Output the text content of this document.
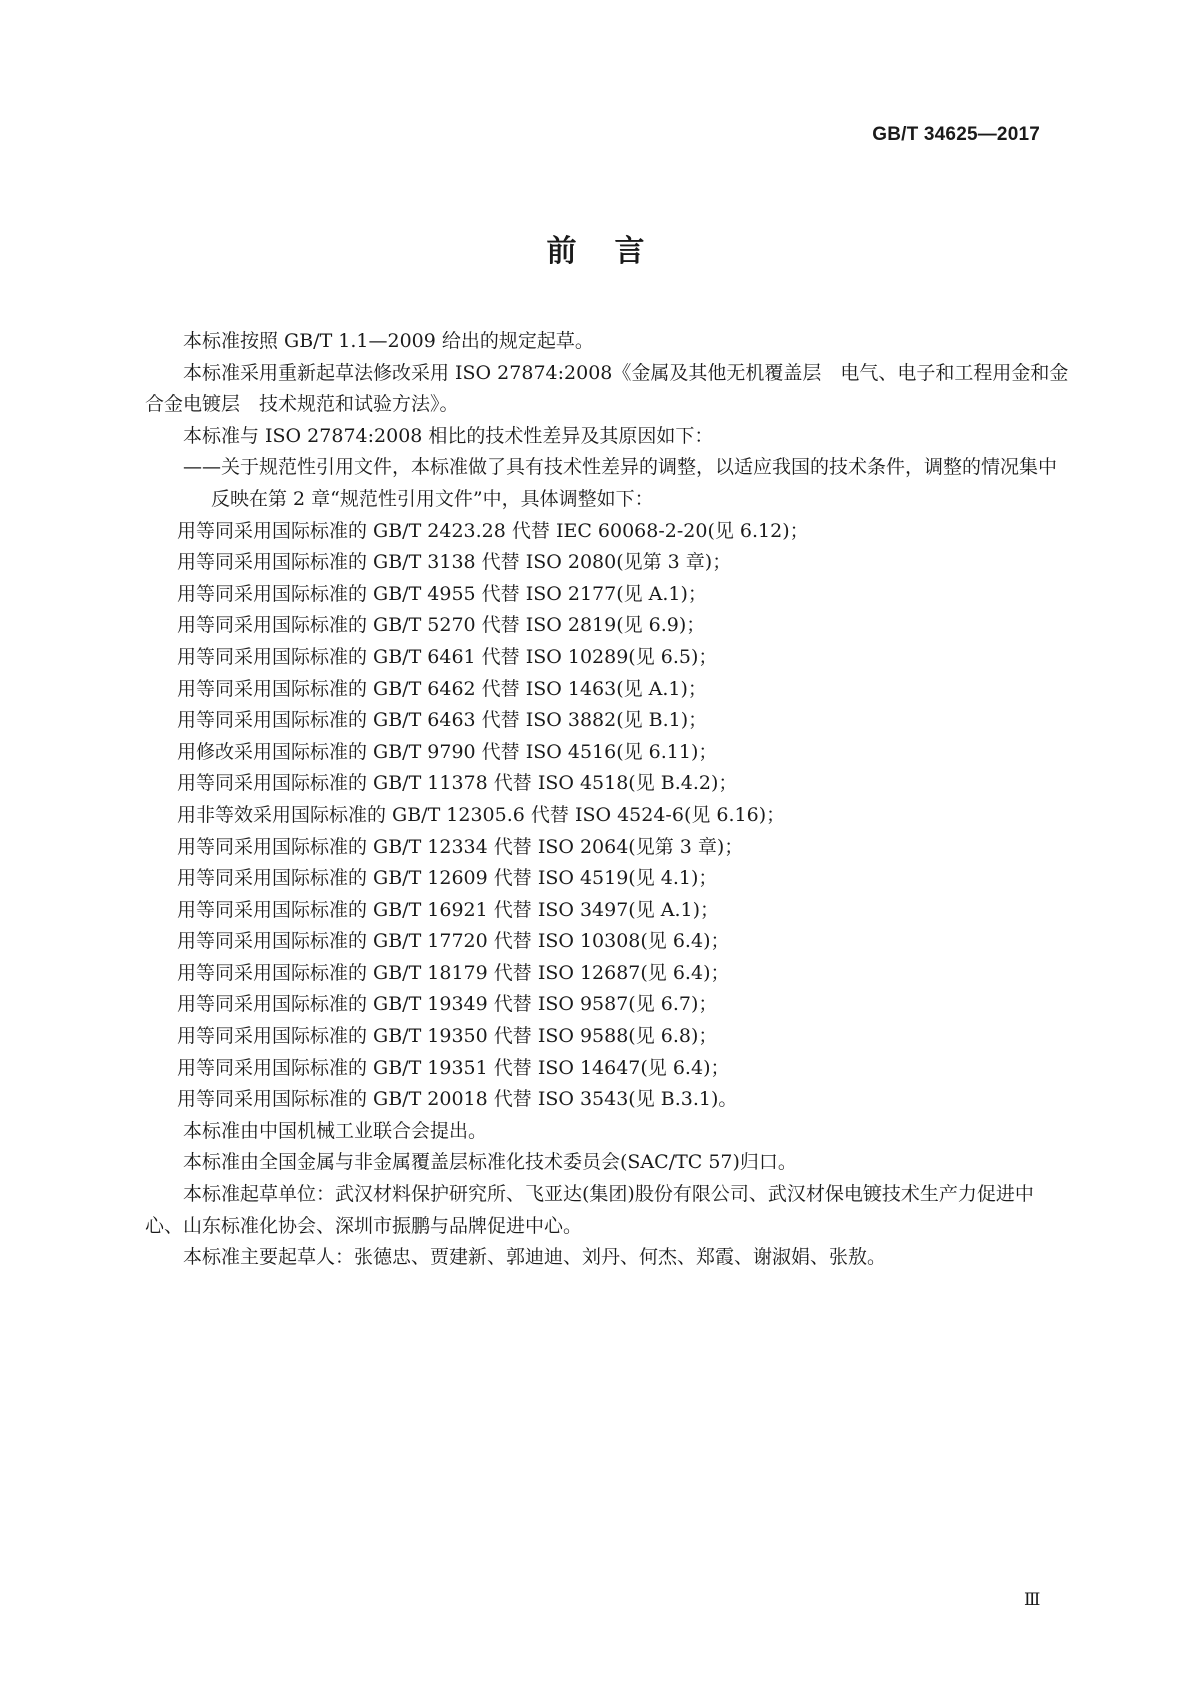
GB/T 34625—2017
前言

本标准按照 GB/T 1.1—2009 给出的规定起草。

本标准采用重新起草法修改采用 ISO 27874:2008《金属及其他无机覆盖层　电气、电子和工程用金和金合金电镀层　技术规范和试验方法》。

本标准与 ISO 27874:2008 相比的技术性差异及其原因如下：

——关于规范性引用文件，本标准做了具有技术性差异的调整，以适应我国的技术条件，调整的情况集中反映在第 2 章“规范性引用文件”中，具体调整如下：

用等同采用国际标准的 GB/T 2423.28 代替 IEC 60068-2-20(见 6.12)；

用等同采用国际标准的 GB/T 3138 代替 ISO 2080(见第 3 章)；

用等同采用国际标准的 GB/T 4955 代替 ISO 2177(见 A.1)；

用等同采用国际标准的 GB/T 5270 代替 ISO 2819(见 6.9)；

用等同采用国际标准的 GB/T 6461 代替 ISO 10289(见 6.5)；

用等同采用国际标准的 GB/T 6462 代替 ISO 1463(见 A.1)；

用等同采用国际标准的 GB/T 6463 代替 ISO 3882(见 B.1)；

用修改采用国际标准的 GB/T 9790 代替 ISO 4516(见 6.11)；

用等同采用国际标准的 GB/T 11378 代替 ISO 4518(见 B.4.2)；

用非等效采用国际标准的 GB/T 12305.6 代替 ISO 4524-6(见 6.16)；

用等同采用国际标准的 GB/T 12334 代替 ISO 2064(见第 3 章)；

用等同采用国际标准的 GB/T 12609 代替 ISO 4519(见 4.1)；

用等同采用国际标准的 GB/T 16921 代替 ISO 3497(见 A.1)；

用等同采用国际标准的 GB/T 17720 代替 ISO 10308(见 6.4)；

用等同采用国际标准的 GB/T 18179 代替 ISO 12687(见 6.4)；

用等同采用国际标准的 GB/T 19349 代替 ISO 9587(见 6.7)；

用等同采用国际标准的 GB/T 19350 代替 ISO 9588(见 6.8)；

用等同采用国际标准的 GB/T 19351 代替 ISO 14647(见 6.4)；

用等同采用国际标准的 GB/T 20018 代替 ISO 3543(见 B.3.1)。

本标准由中国机械工业联合会提出。

本标准由全国金属与非金属覆盖层标准化技术委员会(SAC/TC 57)归口。

本标准起草单位：武汉材料保护研究所、飞亚达(集团)股份有限公司、武汉材保电镀技术生产力促进中心、山东标准化协会、深圳市振鹏与品牌促进中心。

本标准主要起草人：张德忠、贾建新、郭迪迪、刘丹、何杰、郑霞、谢淑娟、张敖。

Ⅲ
